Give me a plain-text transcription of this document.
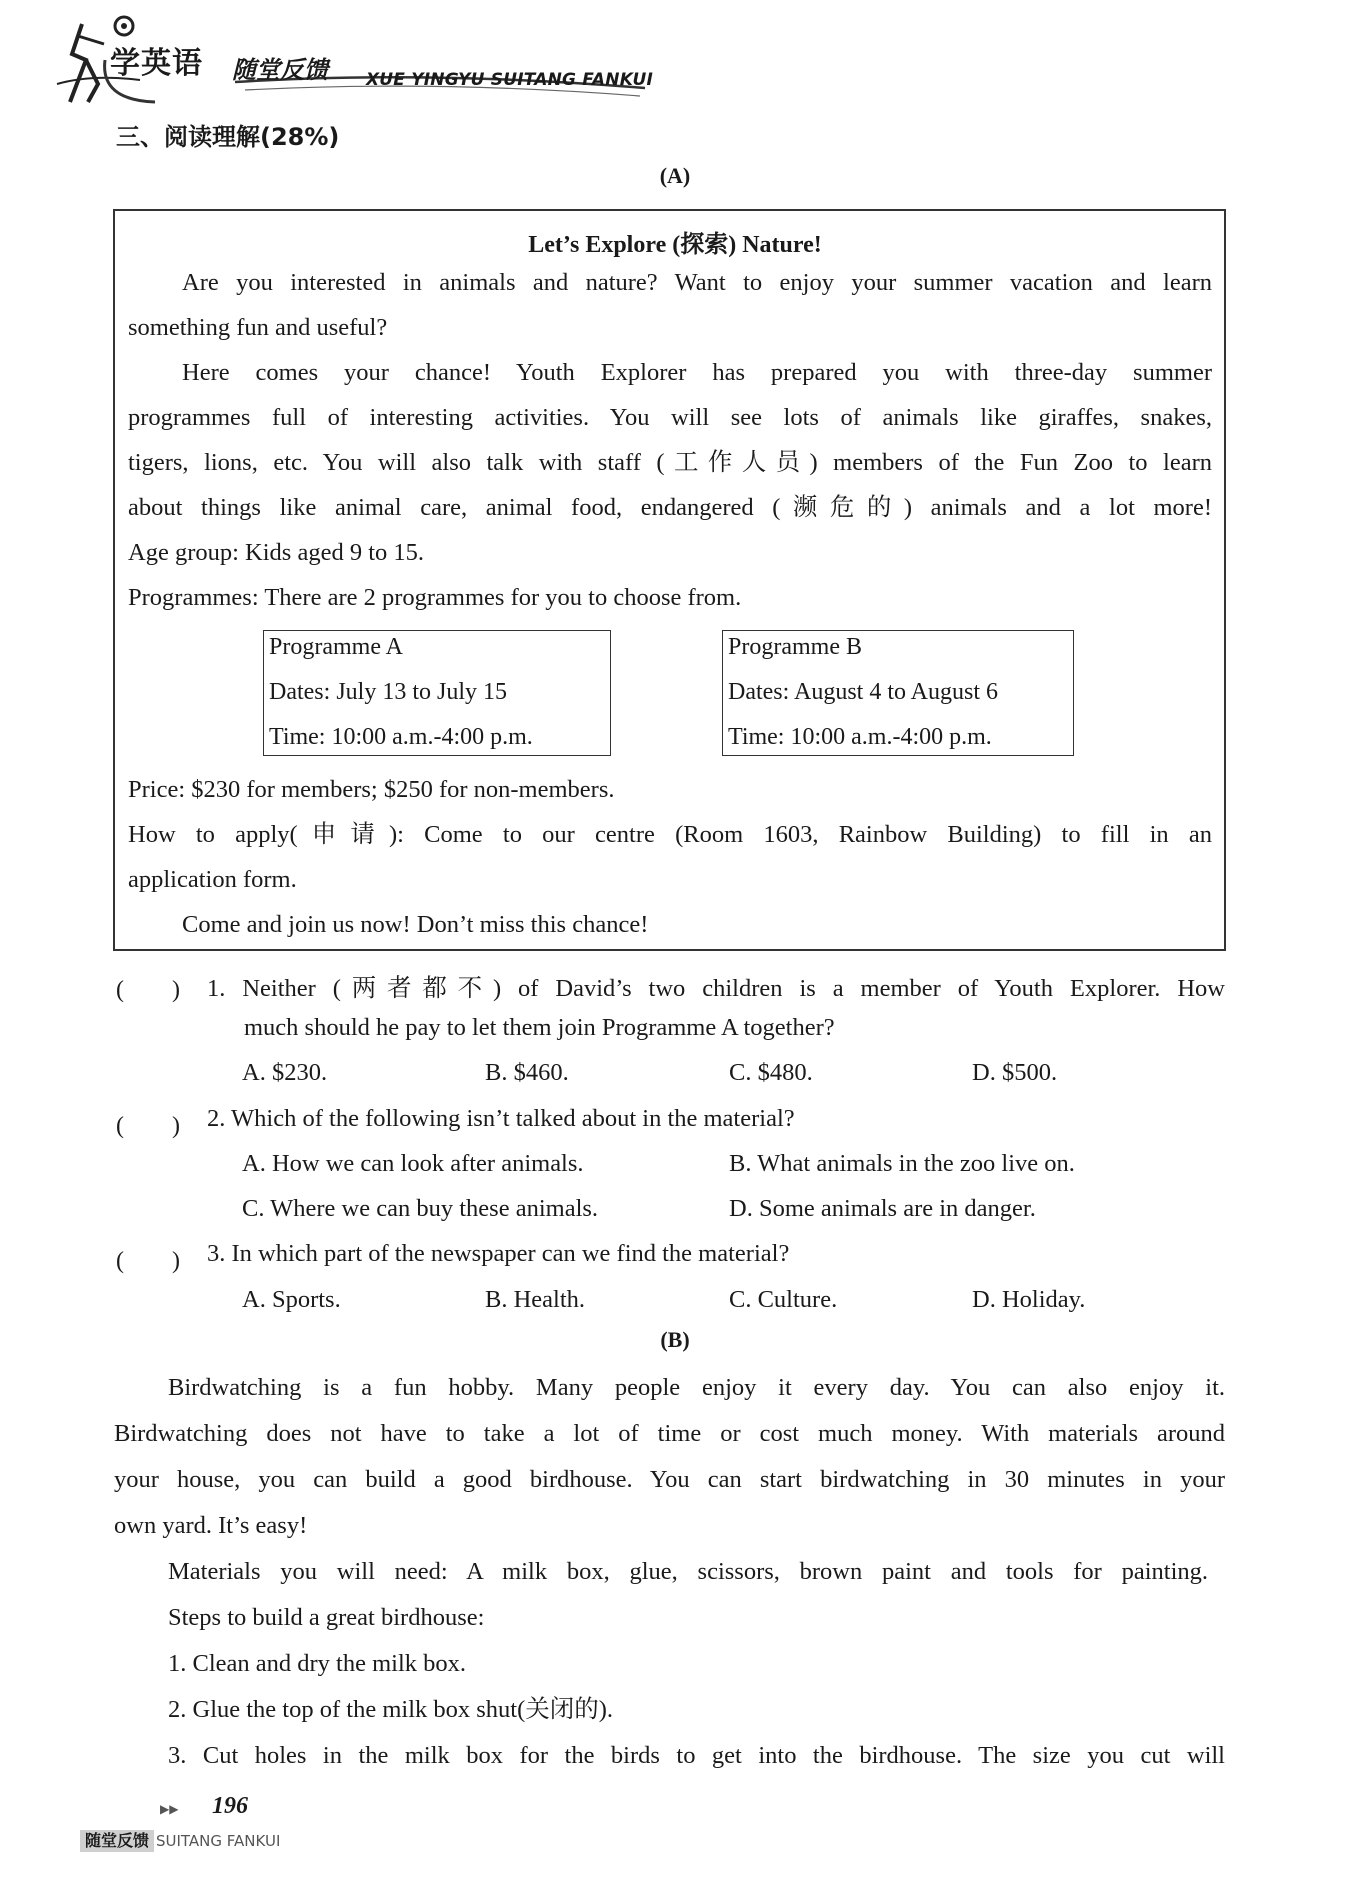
学英语 随堂反馈 XUE YINGYU SUITANG FANKUI
三、阅读理解(28%)
(A)
Let’s Explore (探索) Nature!
Are you interested in animals and nature? Want to enjoy your summer vacation and learn
something fun and useful?
Here comes your chance! Youth Explorer has prepared you with three-day summer
programmes full of interesting activities. You will see lots of animals like giraffes, snakes,
tigers, lions, etc. You will also talk with staff (工作人员) members of the Fun Zoo to learn
about things like animal care, animal food, endangered (濒危的) animals and a lot more!
Age group: Kids aged 9 to 15.
Programmes: There are 2 programmes for you to choose from.
Programme A
Dates: July 13 to July 15
Time: 10:00 a.m.-4:00 p.m.
Programme B
Dates: August 4 to August 6
Time: 10:00 a.m.-4:00 p.m.
Price: $230 for members; $250 for non-members.
How to apply(申请): Come to our centre (Room 1603, Rainbow Building) to fill in an
application form.
Come and join us now! Don’t miss this chance!
(　　) 1. Neither (两者都不) of David’s two children is a member of Youth Explorer. How
much should he pay to let them join Programme A together?
A. $230.	B. $460.	C. $480.	D. $500.
(　　) 2. Which of the following isn’t talked about in the material?
A. How we can look after animals.	B. What animals in the zoo live on.
C. Where we can buy these animals.	D. Some animals are in danger.
(　　) 3. In which part of the newspaper can we find the material?
A. Sports.	B. Health.	C. Culture.	D. Holiday.
(B)
Birdwatching is a fun hobby. Many people enjoy it every day. You can also enjoy it.
Birdwatching does not have to take a lot of time or cost much money. With materials around
your house, you can build a good birdhouse. You can start birdwatching in 30 minutes in your
own yard. It’s easy!
Materials you will need: A milk box, glue, scissors, brown paint and tools for painting.
Steps to build a great birdhouse:
1. Clean and dry the milk box.
2. Glue the top of the milk box shut(关闭的).
3. Cut holes in the milk box for the birds to get into the birdhouse. The size you cut will
▶▶ 196
随堂反馈 SUITANG FANKUI
